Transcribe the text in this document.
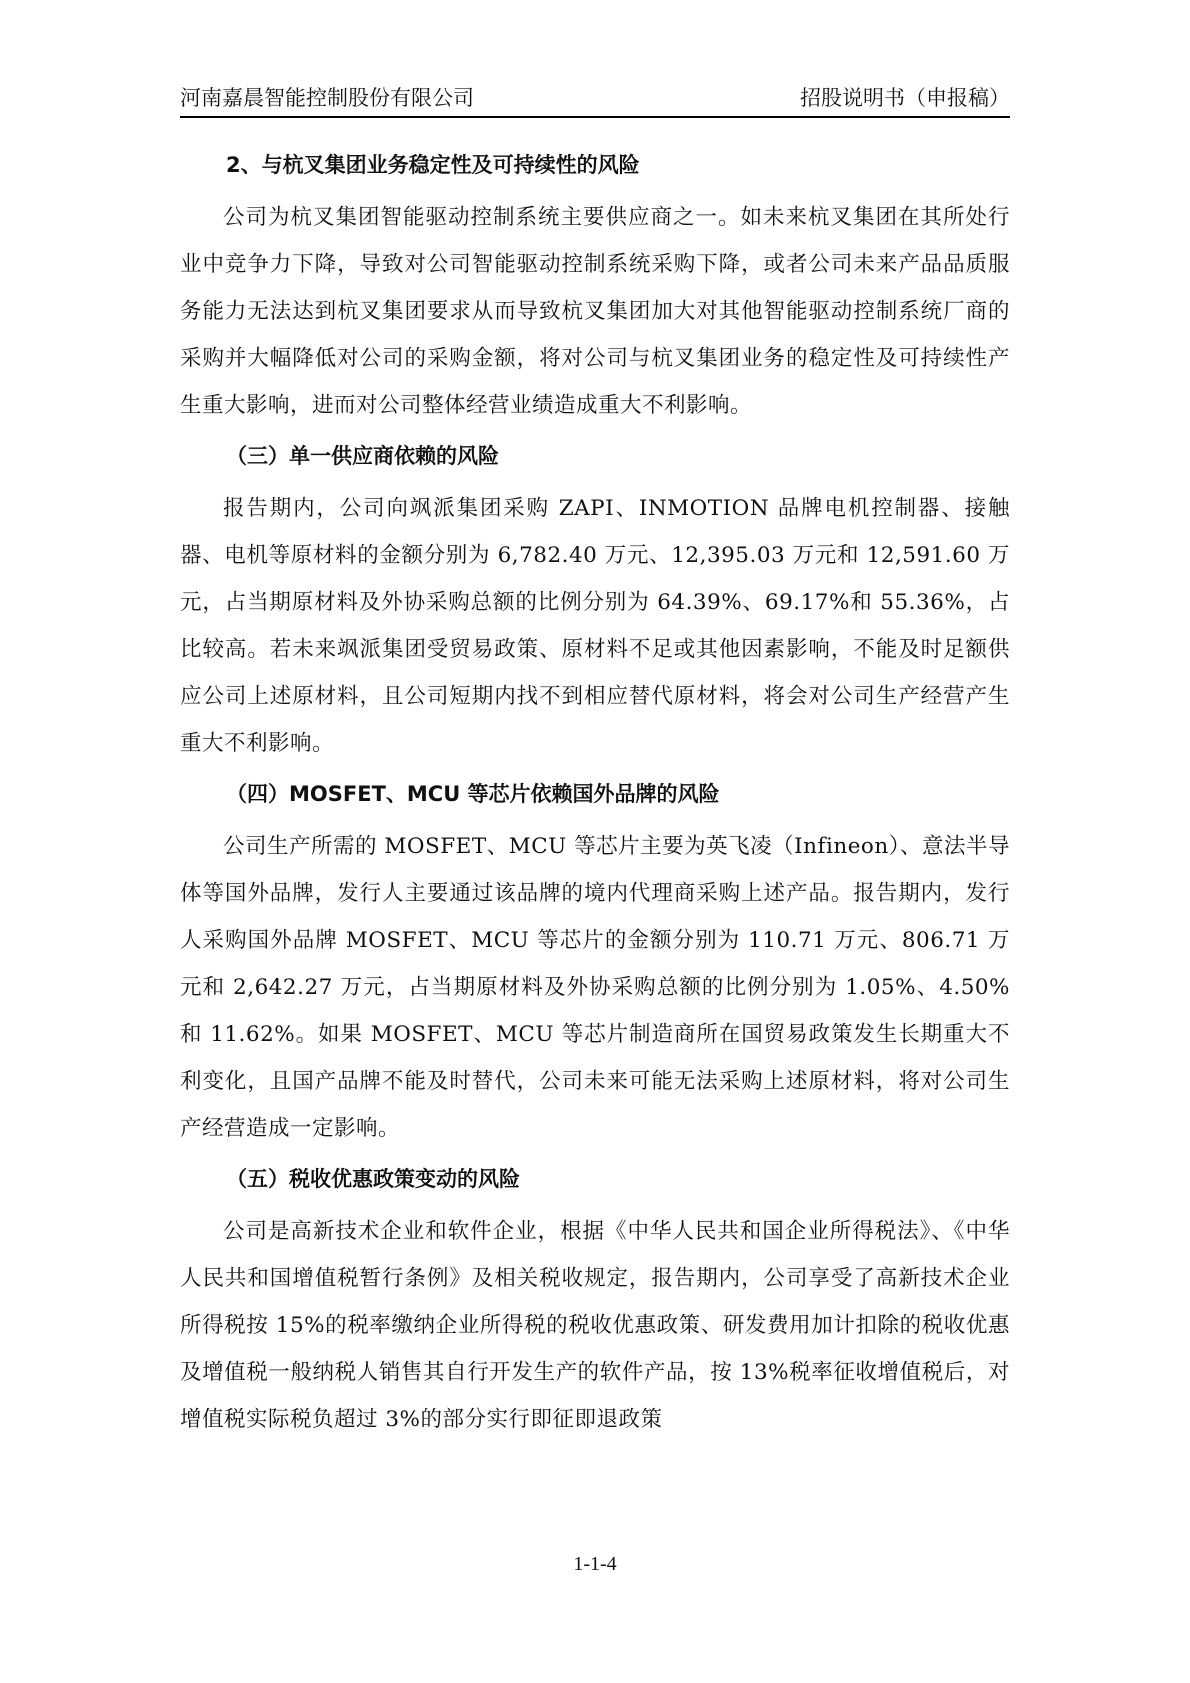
河南嘉晨智能控制股份有限公司	招股说明书（申报稿）
2、与杭叉集团业务稳定性及可持续性的风险

公司为杭叉集团智能驱动控制系统主要供应商之一。如未来杭叉集团在其所处行业中竞争力下降，导致对公司智能驱动控制系统采购下降，或者公司未来产品品质服务能力无法达到杭叉集团要求从而导致杭叉集团加大对其他智能驱动控制系统厂商的采购并大幅降低对公司的采购金额，将对公司与杭叉集团业务的稳定性及可持续性产生重大影响，进而对公司整体经营业绩造成重大不利影响。

（三）单一供应商依赖的风险

报告期内，公司向飒派集团采购 ZAPI、INMOTION 品牌电机控制器、接触器、电机等原材料的金额分别为 6,782.40 万元、12,395.03 万元和 12,591.60 万元，占当期原材料及外协采购总额的比例分别为 64.39%、69.17%和 55.36%，占比较高。若未来飒派集团受贸易政策、原材料不足或其他因素影响，不能及时足额供应公司上述原材料，且公司短期内找不到相应替代原材料，将会对公司生产经营产生重大不利影响。

（四）MOSFET、MCU 等芯片依赖国外品牌的风险

公司生产所需的 MOSFET、MCU 等芯片主要为英飞凌（Infineon）、意法半导体等国外品牌，发行人主要通过该品牌的境内代理商采购上述产品。报告期内，发行人采购国外品牌 MOSFET、MCU 等芯片的金额分别为 110.71 万元、806.71 万元和 2,642.27 万元，占当期原材料及外协采购总额的比例分别为 1.05%、4.50%和 11.62%。如果 MOSFET、MCU 等芯片制造商所在国贸易政策发生长期重大不利变化，且国产品牌不能及时替代，公司未来可能无法采购上述原材料，将对公司生产经营造成一定影响。

（五）税收优惠政策变动的风险

公司是高新技术企业和软件企业，根据《中华人民共和国企业所得税法》、《中华人民共和国增值税暂行条例》及相关税收规定，报告期内，公司享受了高新技术企业所得税按 15%的税率缴纳企业所得税的税收优惠政策、研发费用加计扣除的税收优惠及增值税一般纳税人销售其自行开发生产的软件产品，按 13%税率征收增值税后，对增值税实际税负超过 3%的部分实行即征即退政策

1-1-4
